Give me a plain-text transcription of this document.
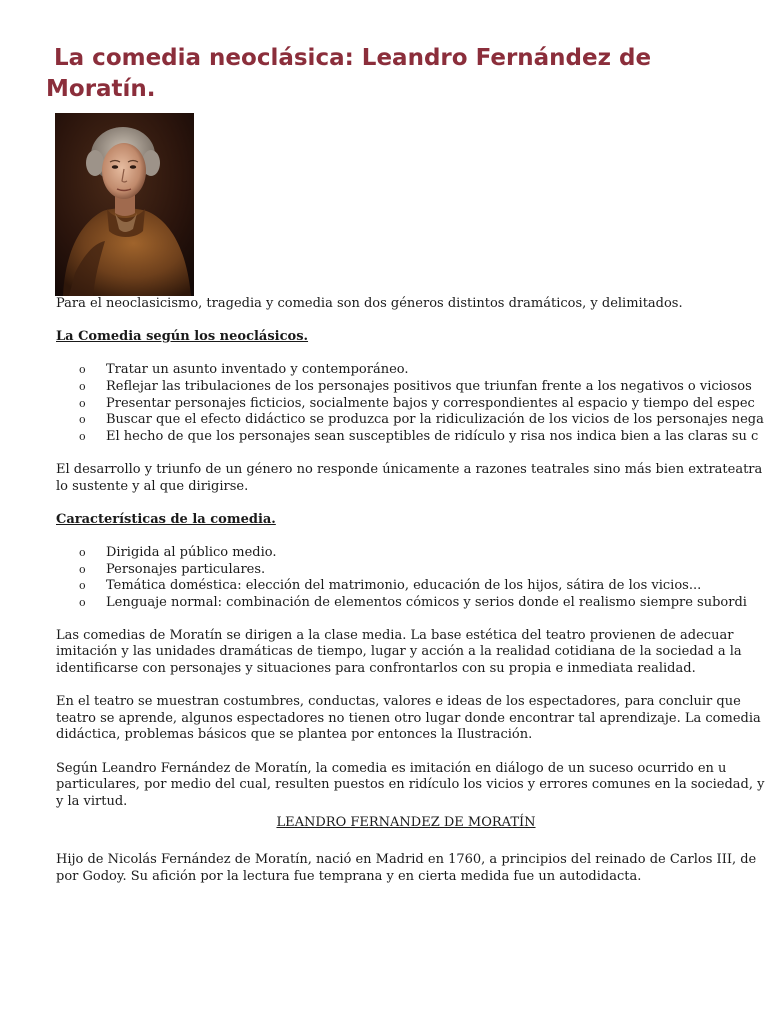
La comedia neoclásica: Leandro Fernández de Moratín.

Para el neoclasicismo, tragedia y comedia son dos géneros distintos dramáticos, y delimitados.

La Comedia según los neoclásicos.

o Tratar un asunto inventado y contemporáneo.
o Reflejar las tribulaciones de los personajes positivos que triunfan frente a los negativos o viciosos
o Presentar personajes ficticios, socialmente bajos y correspondientes al espacio y tiempo del espec
o Buscar que el efecto didáctico se produzca por la ridiculización de los vicios de los personajes nega
o El hecho de que los personajes sean susceptibles de ridículo y risa nos indica bien a las claras su c

El desarrollo y triunfo de un género no responde únicamente a razones teatrales sino más bien extrateatra

lo sustente y al que dirigirse.

Características de la comedia.

o Dirigida al público medio.
o Personajes particulares.
o Temática doméstica: elección del matrimonio, educación de los hijos, sátira de los vicios...
o Lenguaje normal: combinación de elementos cómicos y serios donde el realismo siempre subordi

Las comedias de Moratín se dirigen a la clase media. La base estética del teatro provienen de adecuar

imitación y las unidades dramáticas de tiempo, lugar y acción a la realidad cotidiana de la sociedad a la

identificarse con personajes y situaciones para confrontarlos con su propia e inmediata realidad.

En el teatro se muestran costumbres, conductas, valores e ideas de los espectadores, para concluir que

teatro se aprende, algunos espectadores no tienen otro lugar donde encontrar tal aprendizaje. La comedia

didáctica, problemas básicos que se plantea por entonces la Ilustración.

Según Leandro Fernández de Moratín, la comedia es imitación en diálogo de un suceso ocurrido en u

particulares, por medio del cual, resulten puestos en ridículo los vicios y errores comunes en la sociedad, y

y la virtud.

LEANDRO FERNANDEZ DE MORATÍN

Hijo de Nicolás Fernández de Moratín, nació en Madrid en 1760, a principios del reinado de Carlos III, de

por Godoy. Su afición por la lectura fue temprana y en cierta medida fue un autodidacta.
